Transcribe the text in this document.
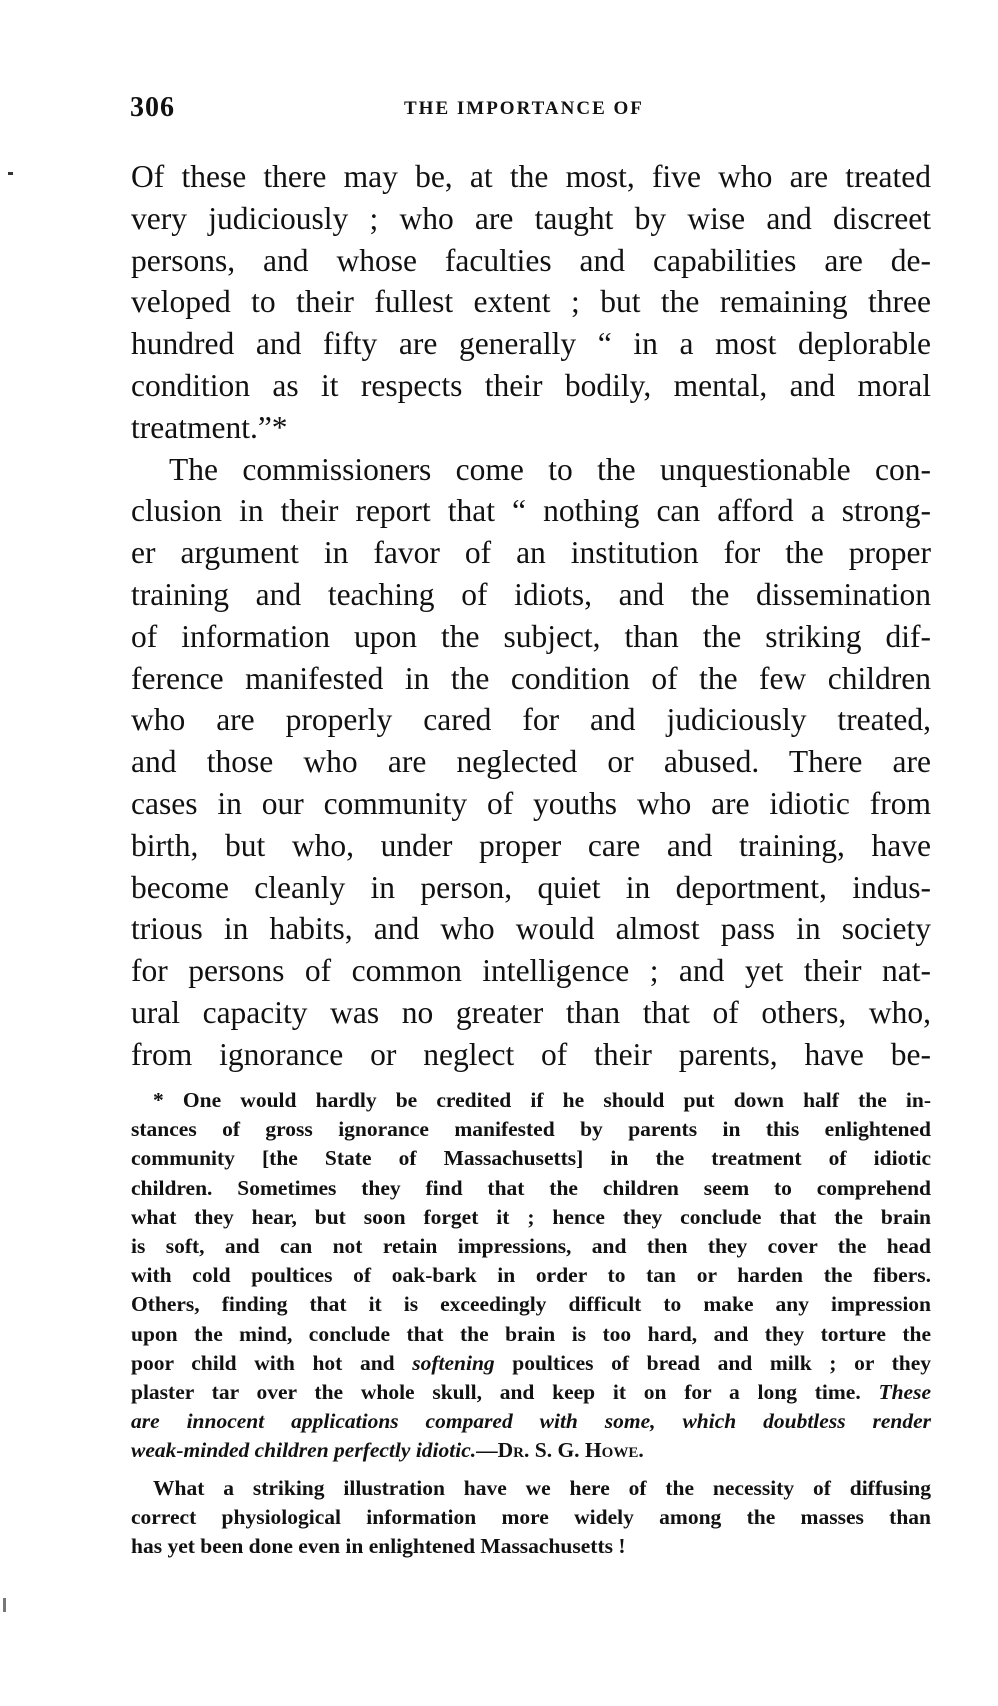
306	THE IMPORTANCE OF
Of these there may be, at the most, five who are treated
very judiciously ; who are taught by wise and discreet
persons, and whose faculties and capabilities are de-
veloped to their fullest extent ; but the remaining three
hundred and fifty are generally “ in a most deplorable
condition as it respects their bodily, mental, and moral
treatment.”*
The commissioners come to the unquestionable con-
clusion in their report that “ nothing can afford a strong-
er argument in favor of an institution for the proper
training and teaching of idiots, and the dissemination
of information upon the subject, than the striking dif-
ference manifested in the condition of the few children
who are properly cared for and judiciously treated,
and those who are neglected or abused. There are
cases in our community of youths who are idiotic from
birth, but who, under proper care and training, have
become cleanly in person, quiet in deportment, indus-
trious in habits, and who would almost pass in society
for persons of common intelligence ; and yet their nat-
ural capacity was no greater than that of others, who,
from ignorance or neglect of their parents, have be-
* One would hardly be credited if he should put down half the in-
stances of gross ignorance manifested by parents in this enlightened
community [the State of Massachusetts] in the treatment of idiotic
children. Sometimes they find that the children seem to comprehend
what they hear, but soon forget it ; hence they conclude that the brain
is soft, and can not retain impressions, and then they cover the head
with cold poultices of oak-bark in order to tan or harden the fibers.
Others, finding that it is exceedingly difficult to make any impression
upon the mind, conclude that the brain is too hard, and they torture the
poor child with hot and softening poultices of bread and milk ; or they
plaster tar over the whole skull, and keep it on for a long time. These
are innocent applications compared with some, which doubtless render
weak-minded children perfectly idiotic.—Dr. S. G. Howe.
What a striking illustration have we here of the necessity of diffusing
correct physiological information more widely among the masses than
has yet been done even in enlightened Massachusetts !
